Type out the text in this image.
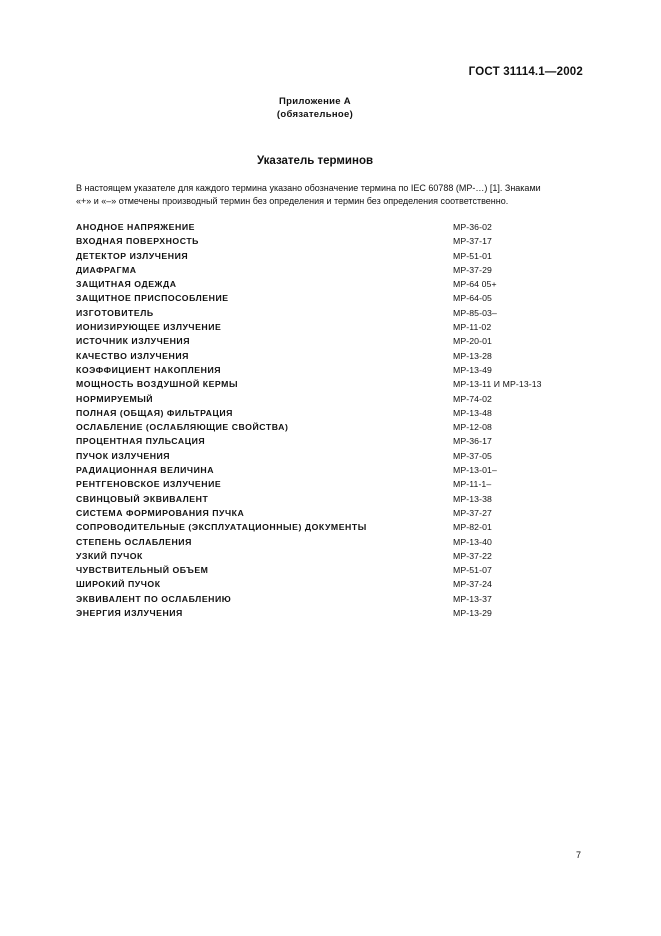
ГОСТ 31114.1—2002
Приложение А
(обязательное)
Указатель терминов
В настоящем указателе для каждого термина указано обозначение термина по IEC 60788 (МР-…) [1]. Знаками
«+» и «–» отмечены производный термин без определения и термин без определения соответственно.
АНОДНОЕ НАПРЯЖЕНИЕ	МР-36-02
ВХОДНАЯ ПОВЕРХНОСТЬ	МР-37-17
ДЕТЕКТОР ИЗЛУЧЕНИЯ	МР-51-01
ДИАФРАГМА	МР-37-29
ЗАЩИТНАЯ ОДЕЖДА	МР-64 05+
ЗАЩИТНОЕ ПРИСПОСОБЛЕНИЕ	МР-64-05
ИЗГОТОВИТЕЛЬ	МР-85-03–
ИОНИЗИРУЮЩЕЕ ИЗЛУЧЕНИЕ	МР-11-02
ИСТОЧНИК ИЗЛУЧЕНИЯ	МР-20-01
КАЧЕСТВО ИЗЛУЧЕНИЯ	МР-13-28
КОЭФФИЦИЕНТ НАКОПЛЕНИЯ	МР-13-49
МОЩНОСТЬ ВОЗДУШНОЙ КЕРМЫ	МР-13-11 И МР-13-13
НОРМИРУЕМЫЙ	МР-74-02
ПОЛНАЯ (ОБЩАЯ) ФИЛЬТРАЦИЯ	МР-13-48
ОСЛАБЛЕНИЕ (ОСЛАБЛЯЮЩИЕ СВОЙСТВА)	МР-12-08
ПРОЦЕНТНАЯ ПУЛЬСАЦИЯ	МР-36-17
ПУЧОК ИЗЛУЧЕНИЯ	МР-37-05
РАДИАЦИОННАЯ ВЕЛИЧИНА	МР-13-01–
РЕНТГЕНОВСКОЕ ИЗЛУЧЕНИЕ	МР-11-1–
СВИНЦОВЫЙ ЭКВИВАЛЕНТ	МР-13-38
СИСТЕМА ФОРМИРОВАНИЯ ПУЧКА	МР-37-27
СОПРОВОДИТЕЛЬНЫЕ (ЭКСПЛУАТАЦИОННЫЕ) ДОКУМЕНТЫ	МР-82-01
СТЕПЕНЬ ОСЛАБЛЕНИЯ	МР-13-40
УЗКИЙ ПУЧОК	МР-37-22
ЧУВСТВИТЕЛЬНЫЙ ОБЪЕМ	МР-51-07
ШИРОКИЙ ПУЧОК	МР-37-24
ЭКВИВАЛЕНТ ПО ОСЛАБЛЕНИЮ	МР-13-37
ЭНЕРГИЯ ИЗЛУЧЕНИЯ	МР-13-29
7
